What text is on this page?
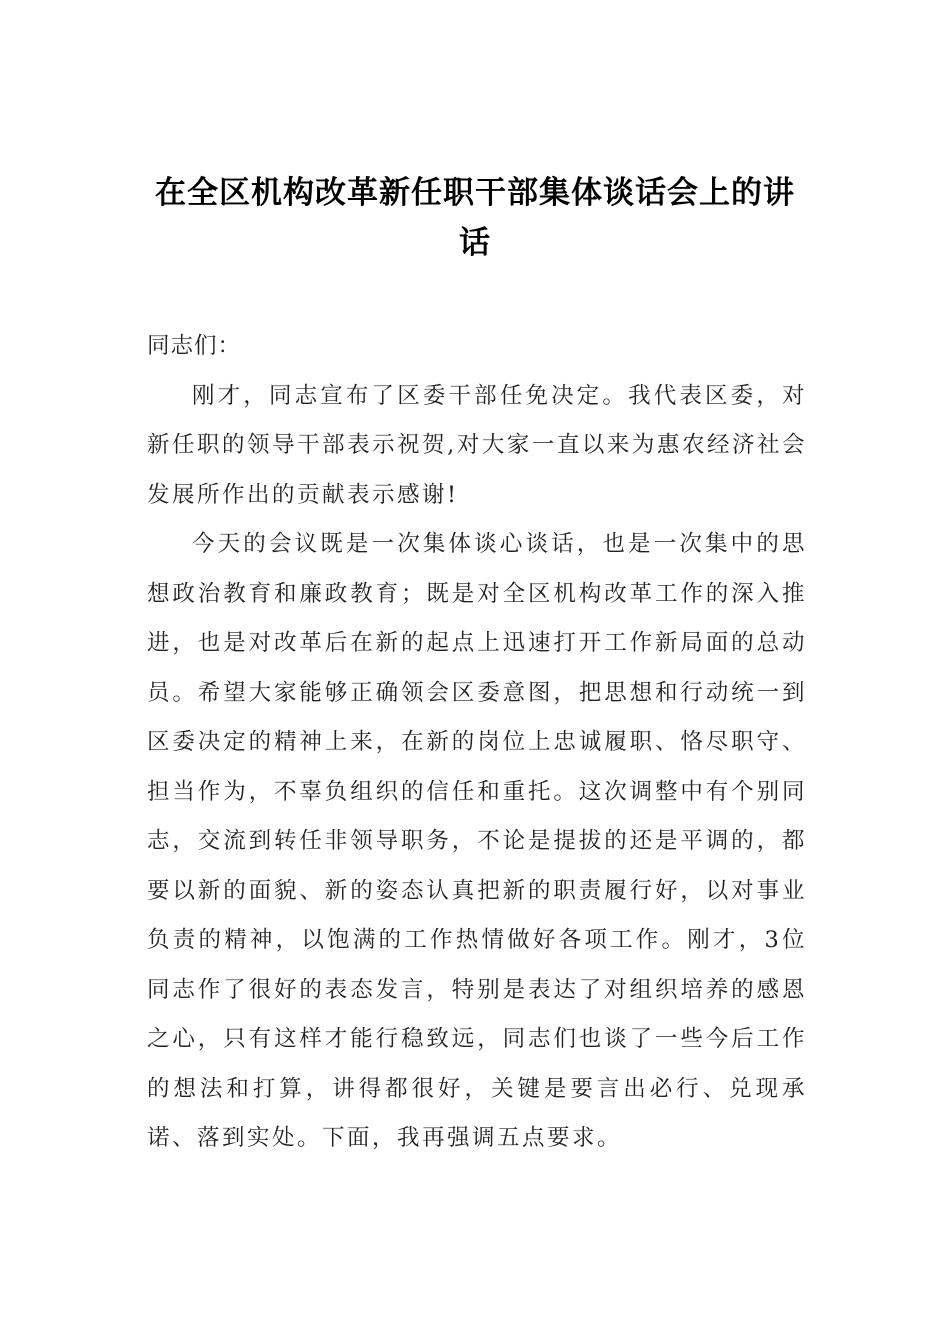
在全区机构改革新任职干部集体谈话会上的讲话

同志们：

刚才，同志宣布了区委干部任免决定。我代表区委，对新任职的领导干部表示祝贺,对大家一直以来为惠农经济社会发展所作出的贡献表示感谢!

今天的会议既是一次集体谈心谈话，也是一次集中的思想政治教育和廉政教育；既是对全区机构改革工作的深入推进，也是对改革后在新的起点上迅速打开工作新局面的总动员。希望大家能够正确领会区委意图，把思想和行动统一到区委决定的精神上来，在新的岗位上忠诚履职、恪尽职守、担当作为，不辜负组织的信任和重托。这次调整中有个别同志，交流到转任非领导职务，不论是提拔的还是平调的，都要以新的面貌、新的姿态认真把新的职责履行好，以对事业负责的精神，以饱满的工作热情做好各项工作。刚才，3位同志作了很好的表态发言，特别是表达了对组织培养的感恩之心，只有这样才能行稳致远，同志们也谈了一些今后工作的想法和打算，讲得都很好，关键是要言出必行、兑现承诺、落到实处。下面，我再强调五点要求。
